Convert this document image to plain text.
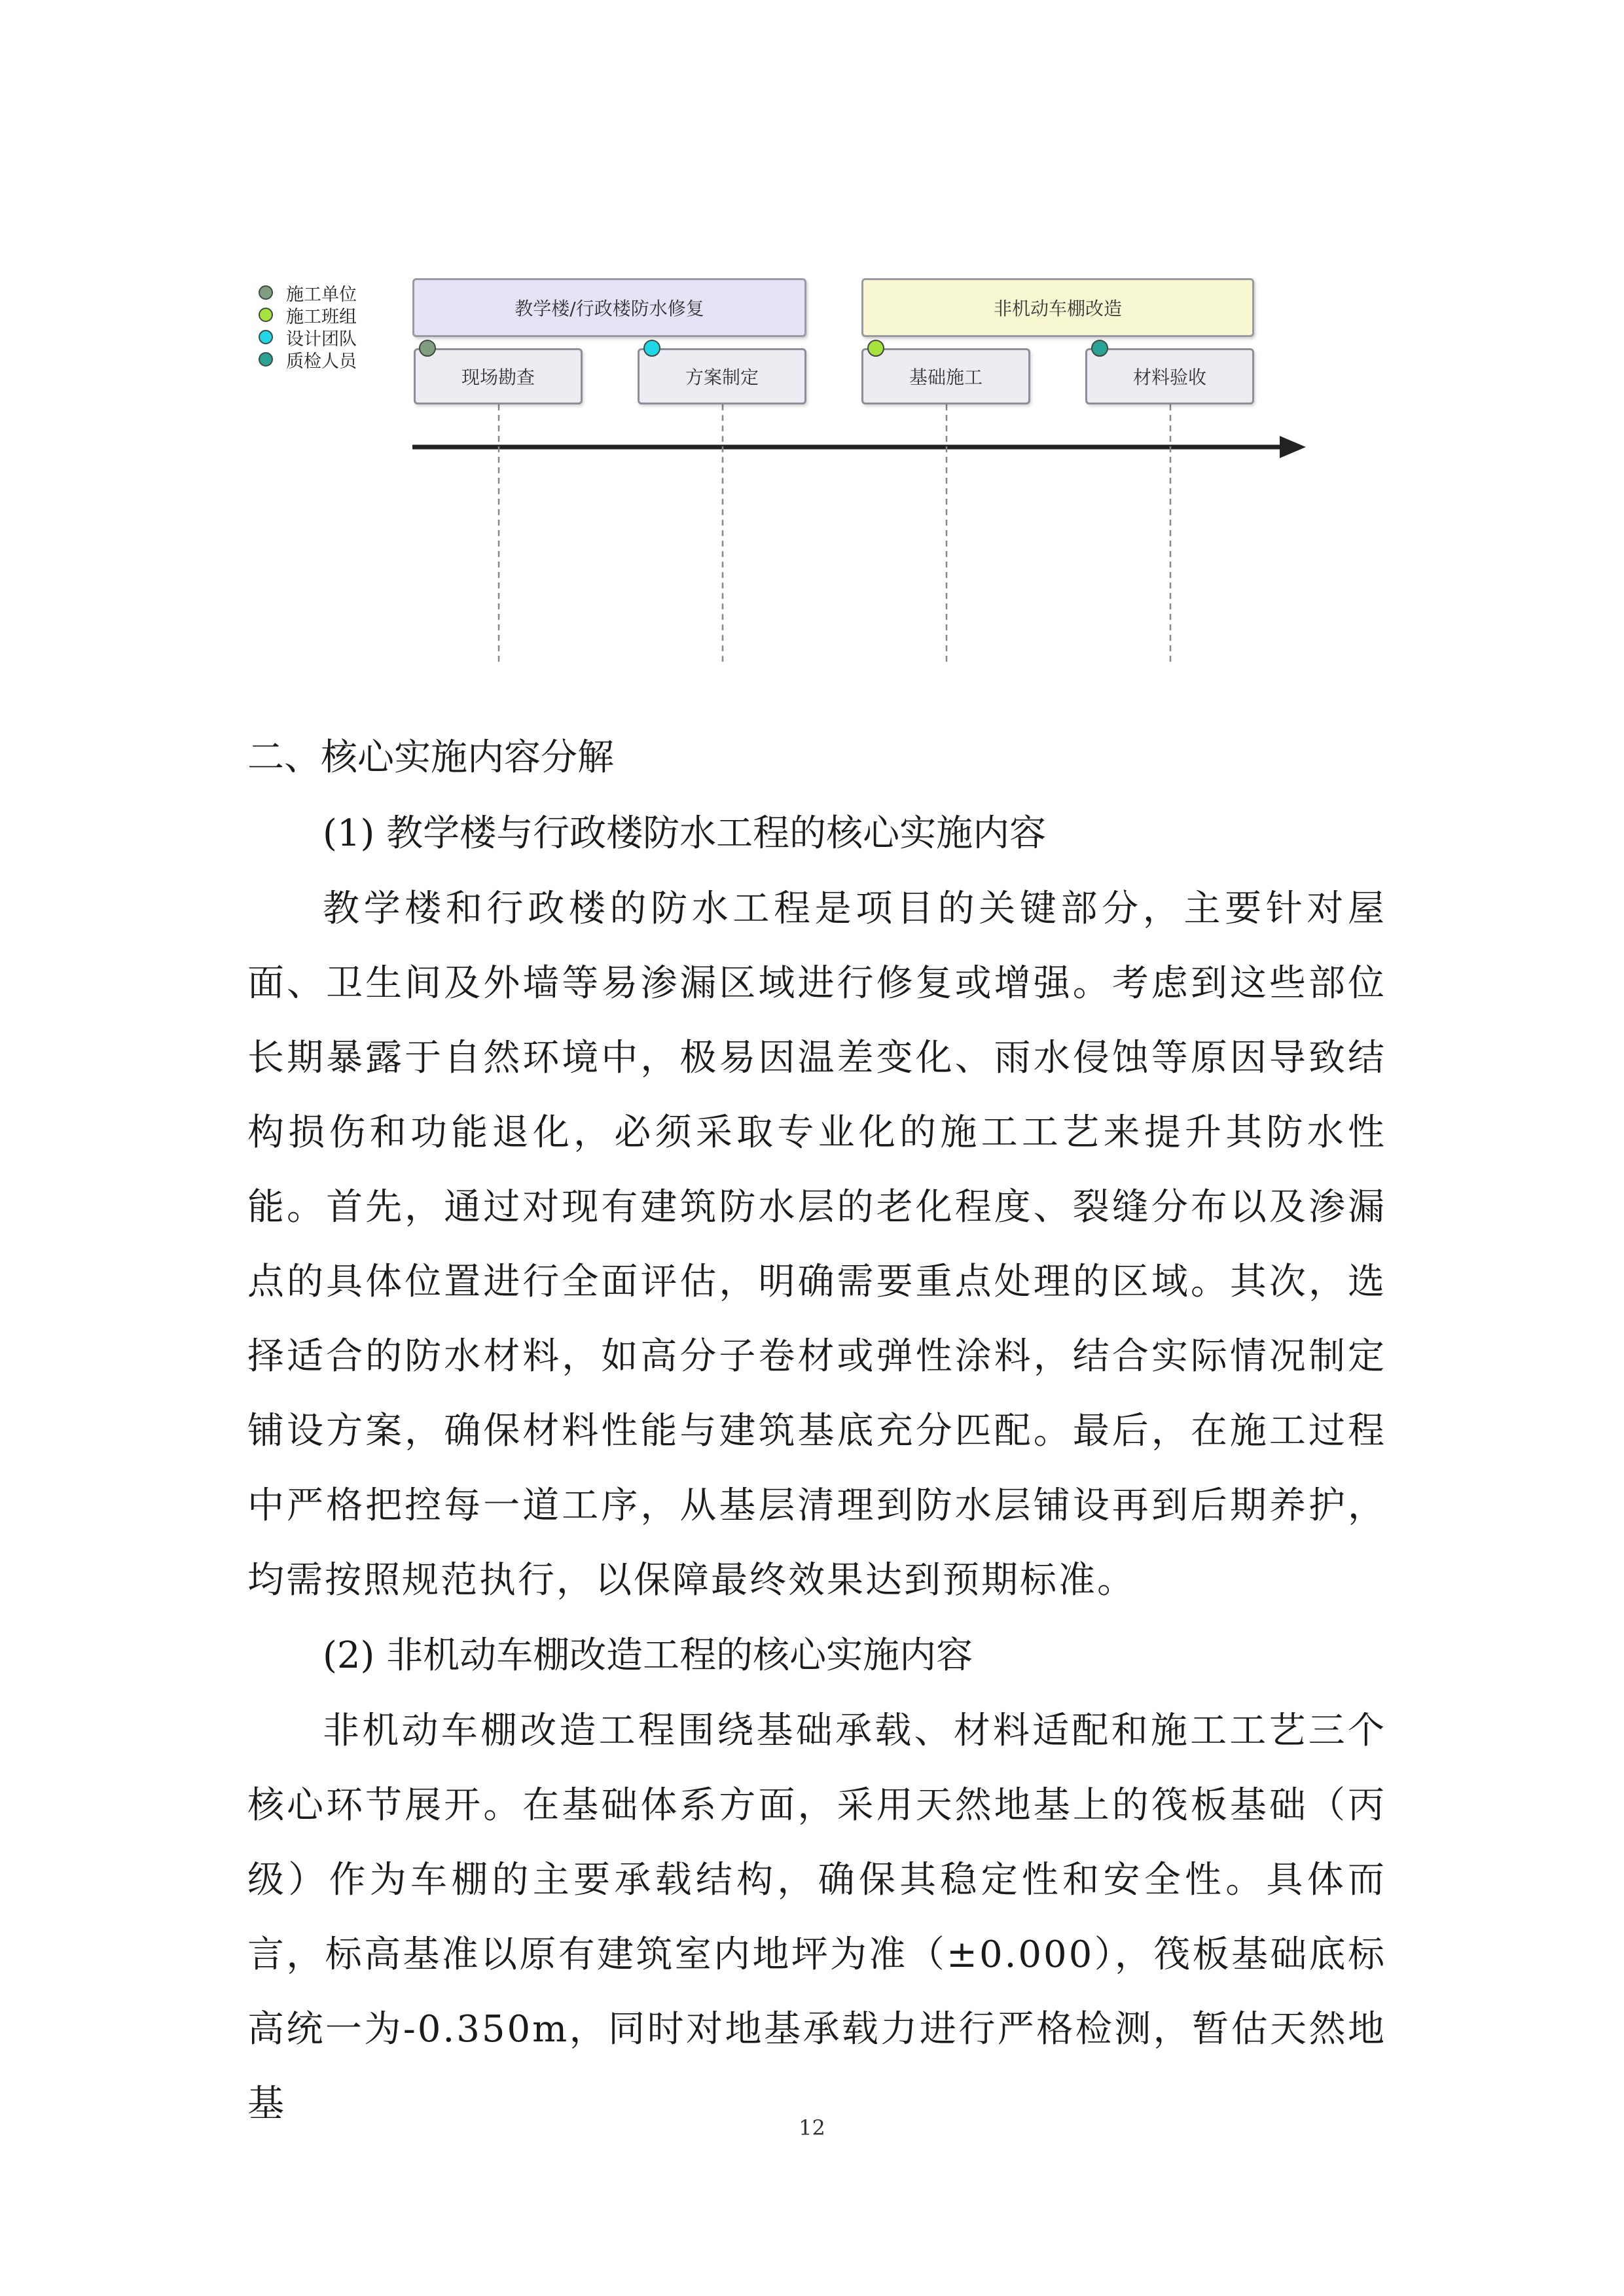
施工单位
施工班组
设计团队
质检人员
教学楼/行政楼防水修复	非机动车棚改造
现场勘查	方案制定	基础施工	材料验收
二、核心实施内容分解
(1) 教学楼与行政楼防水工程的核心实施内容

教学楼和行政楼的防水工程是项目的关键部分，主要针对屋面、卫生间及外墙等易渗漏区域进行修复或增强。考虑到这些部位长期暴露于自然环境中，极易因温差变化、雨水侵蚀等原因导致结构损伤和功能退化，必须采取专业化的施工工艺来提升其防水性能。首先，通过对现有建筑防水层的老化程度、裂缝分布以及渗漏点的具体位置进行全面评估，明确需要重点处理的区域。其次，选择适合的防水材料，如高分子卷材或弹性涂料，结合实际情况制定铺设方案，确保材料性能与建筑基底充分匹配。最后，在施工过程中严格把控每一道工序，从基层清理到防水层铺设再到后期养护，均需按照规范执行，以保障最终效果达到预期标准。

(2) 非机动车棚改造工程的核心实施内容

非机动车棚改造工程围绕基础承载、材料适配和施工工艺三个核心环节展开。在基础体系方面，采用天然地基上的筏板基础（丙级）作为车棚的主要承载结构，确保其稳定性和安全性。具体而言，标高基准以原有建筑室内地坪为准（±0.000），筏板基础底标高统一为-0.350m，同时对地基承载力进行严格检测，暂估天然地基

12
